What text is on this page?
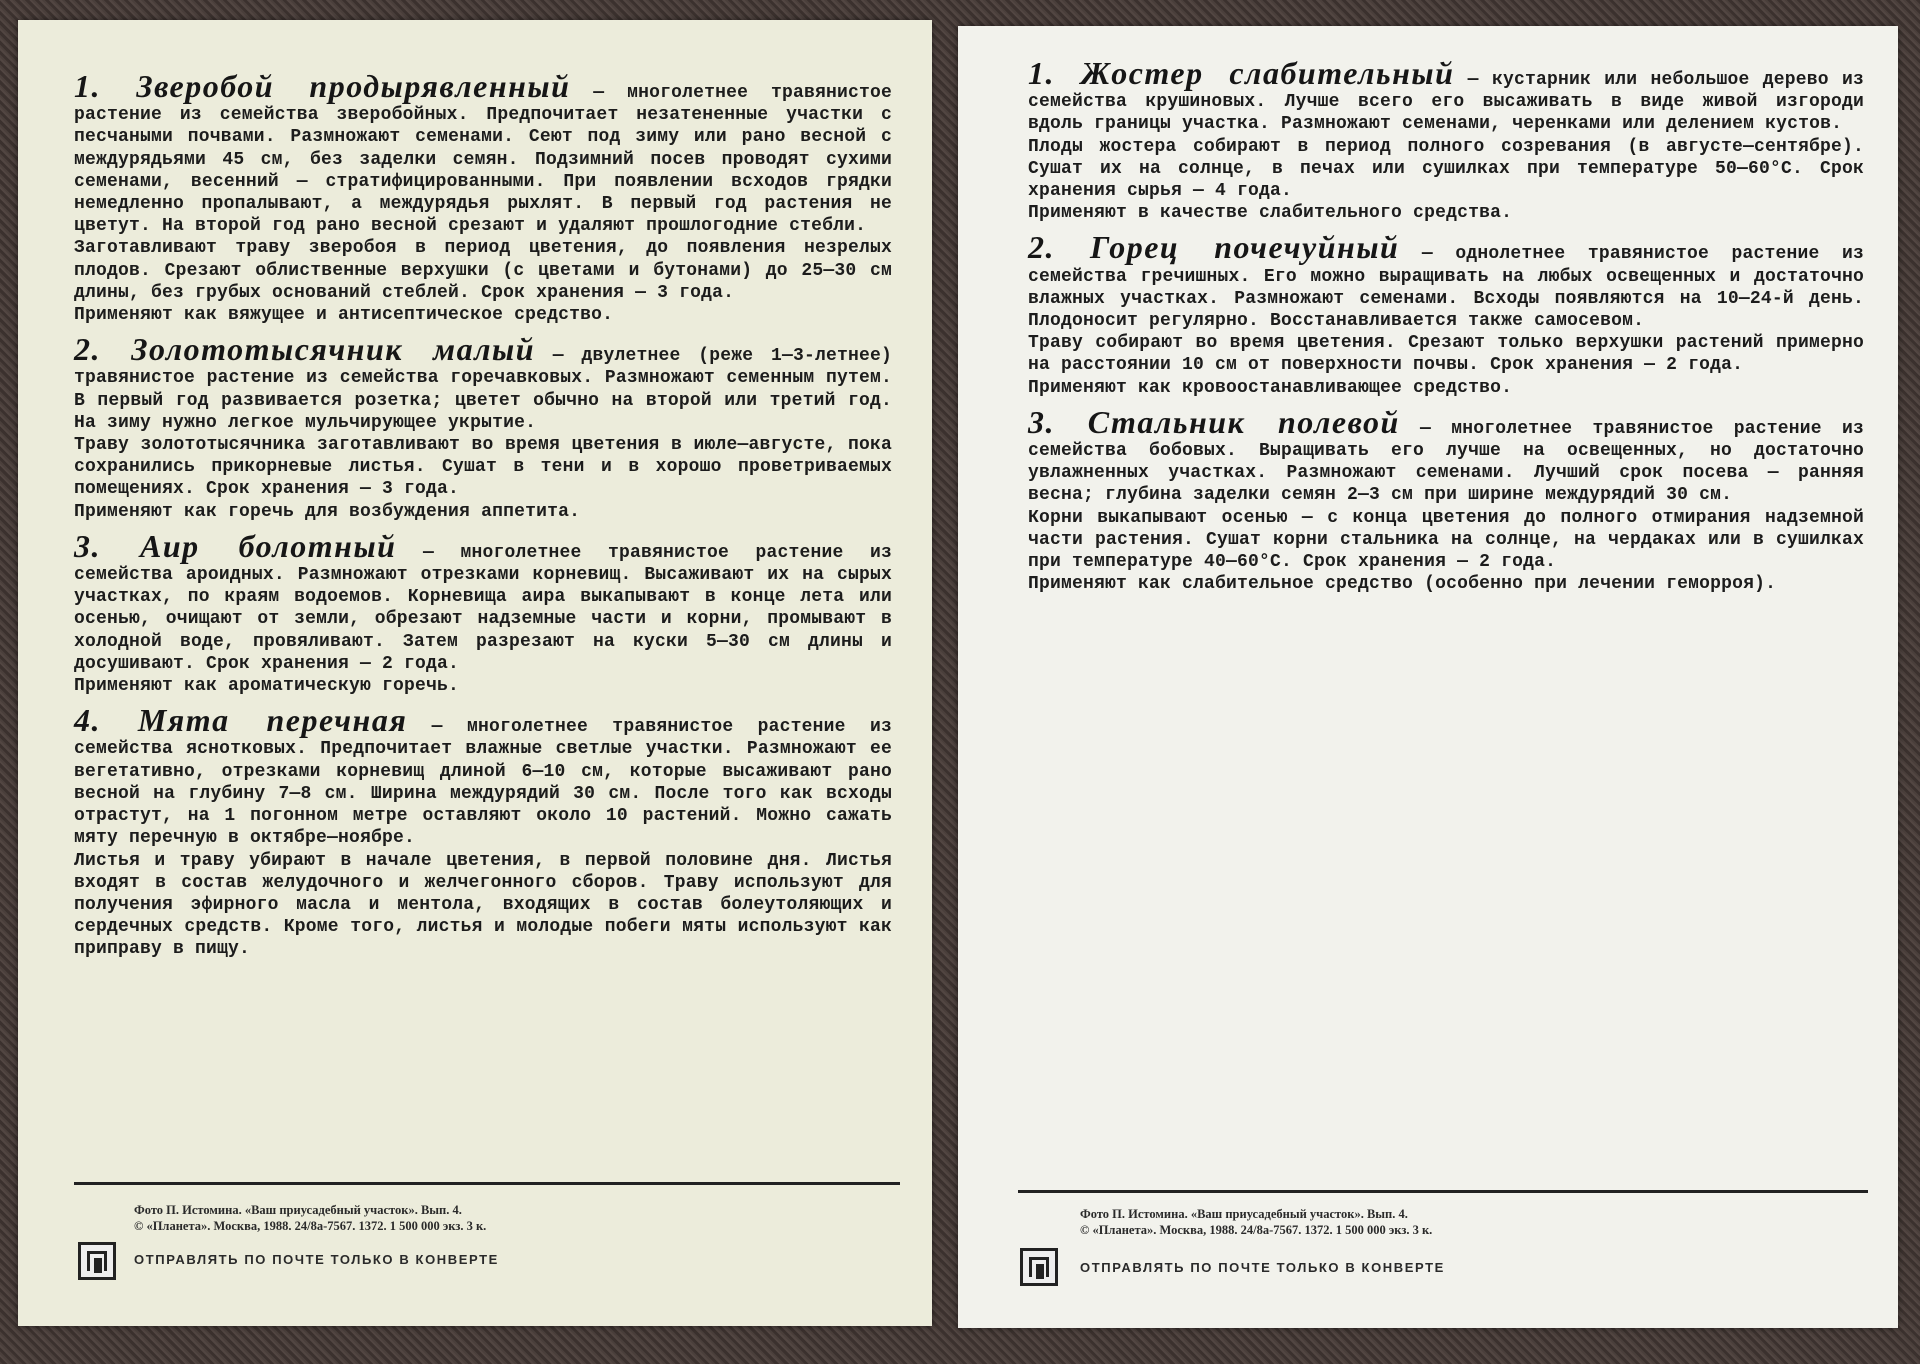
1. Зверобой продырявленный — многолетнее травянистое растение из семейства зверобойных. Предпочитает незатененные участки с песчаными почвами. Размножают семенами. Сеют под зиму или рано весной с междурядьями 45 см, без заделки семян. Подзимний посев проводят сухими семенами, весенний — стратифицированными. При появлении всходов грядки немедленно пропалывают, а междурядья рыхлят. В первый год растения не цветут. На второй год рано весной срезают и удаляют прошлогодние стебли.

Заготавливают траву зверобоя в период цветения, до появления незрелых плодов. Срезают облиственные верхушки (с цветами и бутонами) до 25—30 см длины, без грубых оснований стеблей. Срок хранения — 3 года.

Применяют как вяжущее и антисептическое средство.

2. Золототысячник малый — двулетнее (реже 1—3-летнее) травянистое растение из семейства горечавковых. Размножают семенным путем. В первый год развивается розетка; цветет обычно на второй или третий год. На зиму нужно легкое мульчирующее укрытие.

Траву золототысячника заготавливают во время цветения в июле—августе, пока сохранились прикорневые листья. Сушат в тени и в хорошо проветриваемых помещениях. Срок хранения — 3 года.

Применяют как горечь для возбуждения аппетита.

3. Аир болотный — многолетнее травянистое растение из семейства ароидных. Размножают отрезками корневищ. Высаживают их на сырых участках, по краям водоемов. Корневища аира выкапывают в конце лета или осенью, очищают от земли, обрезают надземные части и корни, промывают в холодной воде, провяливают. Затем разрезают на куски 5—30 см длины и досушивают. Срок хранения — 2 года.

Применяют как ароматическую горечь.

4. Мята перечная — многолетнее травянистое растение из семейства яснотковых. Предпочитает влажные светлые участки. Размножают ее вегетативно, отрезками корневищ длиной 6—10 см, которые высаживают рано весной на глубину 7—8 см. Ширина междурядий 30 см. После того как всходы отрастут, на 1 погонном метре оставляют около 10 растений. Можно сажать мяту перечную в октябре—ноябре.

Листья и траву убирают в начале цветения, в первой половине дня. Листья входят в состав желудочного и желчегонного сборов. Траву используют для получения эфирного масла и ментола, входящих в состав болеутоляющих и сердечных средств. Кроме того, листья и молодые побеги мяты используют как приправу в пищу.

Фото П. Истомина. «Ваш приусадебный участок». Вып. 4.
© «Планета». Москва, 1988. 24/8а-7567. 1372. 1 500 000 экз. 3 к.
ОТПРАВЛЯТЬ ПО ПОЧТЕ ТОЛЬКО В КОНВЕРТЕ

1. Жостер слабительный — кустарник или небольшое дерево из семейства крушиновых. Лучше всего его высаживать в виде живой изгороди вдоль границы участка. Размножают семенами, черенками или делением кустов.

Плоды жостера собирают в период полного созревания (в августе—сентябре). Сушат их на солнце, в печах или сушилках при температуре 50—60°С. Срок хранения сырья — 4 года.

Применяют в качестве слабительного средства.

2. Горец почечуйный — однолетнее травянистое растение из семейства гречишных. Его можно выращивать на любых освещенных и достаточно влажных участках. Размножают семенами. Всходы появляются на 10—24-й день. Плодоносит регулярно. Восстанавливается также самосевом.

Траву собирают во время цветения. Срезают только верхушки растений примерно на расстоянии 10 см от поверхности почвы. Срок хранения — 2 года.

Применяют как кровоостанавливающее средство.

3. Стальник полевой — многолетнее травянистое растение из семейства бобовых. Выращивать его лучше на освещенных, но достаточно увлажненных участках. Размножают семенами. Лучший срок посева — ранняя весна; глубина заделки семян 2—3 см при ширине междурядий 30 см.

Корни выкапывают осенью — с конца цветения до полного отмирания надземной части растения. Сушат корни стальника на солнце, на чердаках или в сушилках при температуре 40—60°С. Срок хранения — 2 года.

Применяют как слабительное средство (особенно при лечении геморроя).

Фото П. Истомина. «Ваш приусадебный участок». Вып. 4.
© «Планета». Москва, 1988. 24/8а-7567. 1372. 1 500 000 экз. 3 к.
ОТПРАВЛЯТЬ ПО ПОЧТЕ ТОЛЬКО В КОНВЕРТЕ
